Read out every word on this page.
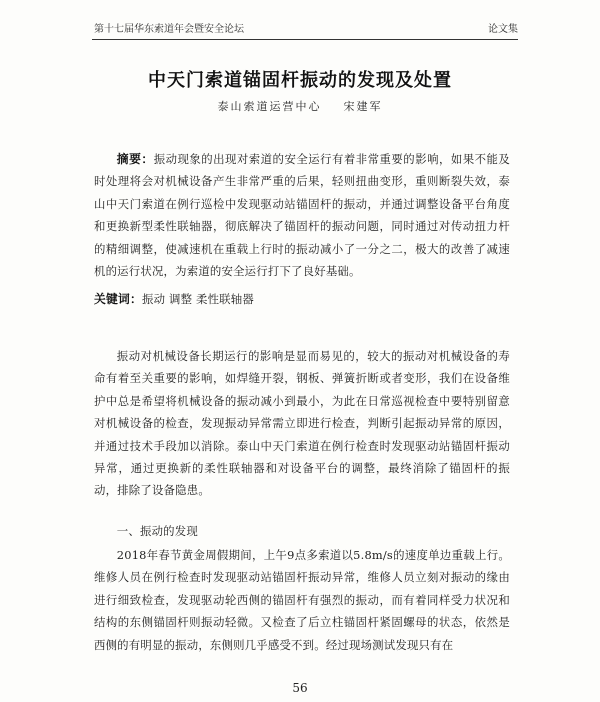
第十七届华东索道年会暨安全论坛	论文集
中天门索道锚固杆振动的发现及处置
泰山索道运营中心 宋建军
摘要：振动现象的出现对索道的安全运行有着非常重要的影响，如果不能及时处理将会对机械设备产生非常严重的后果，轻则扭曲变形，重则断裂失效，泰山中天门索道在例行巡检中发现驱动站锚固杆的振动，并通过调整设备平台角度和更换新型柔性联轴器，彻底解决了锚固杆的振动问题，同时通过对传动扭力杆的精细调整，使减速机在重载上行时的振动减小了一分之二，极大的改善了减速机的运行状况，为索道的安全运行打下了良好基础。
关键词：振动 调整 柔性联轴器
振动对机械设备长期运行的影响是显而易见的，较大的振动对机械设备的寿命有着至关重要的影响，如焊缝开裂，钢板、弹簧折断或者变形，我们在设备维护中总是希望将机械设备的振动减小到最小，为此在日常巡视检查中要特别留意对机械设备的检查，发现振动异常需立即进行检查，判断引起振动异常的原因，并通过技术手段加以消除。泰山中天门索道在例行检查时发现驱动站锚固杆振动异常，通过更换新的柔性联轴器和对设备平台的调整，最终消除了锚固杆的振动，排除了设备隐患。
一、振动的发现
2018年春节黄金周假期间，上午9点多索道以5.8m/s的速度单边重载上行。维修人员在例行检查时发现驱动站锚固杆振动异常，维修人员立刻对振动的缘由进行细致检查，发现驱动轮西侧的锚固杆有强烈的振动，而有着同样受力状况和结构的东侧锚固杆则振动轻微。又检查了后立柱锚固杆紧固螺母的状态，依然是西侧的有明显的振动，东侧则几乎感受不到。经过现场测试发现只有在
56
